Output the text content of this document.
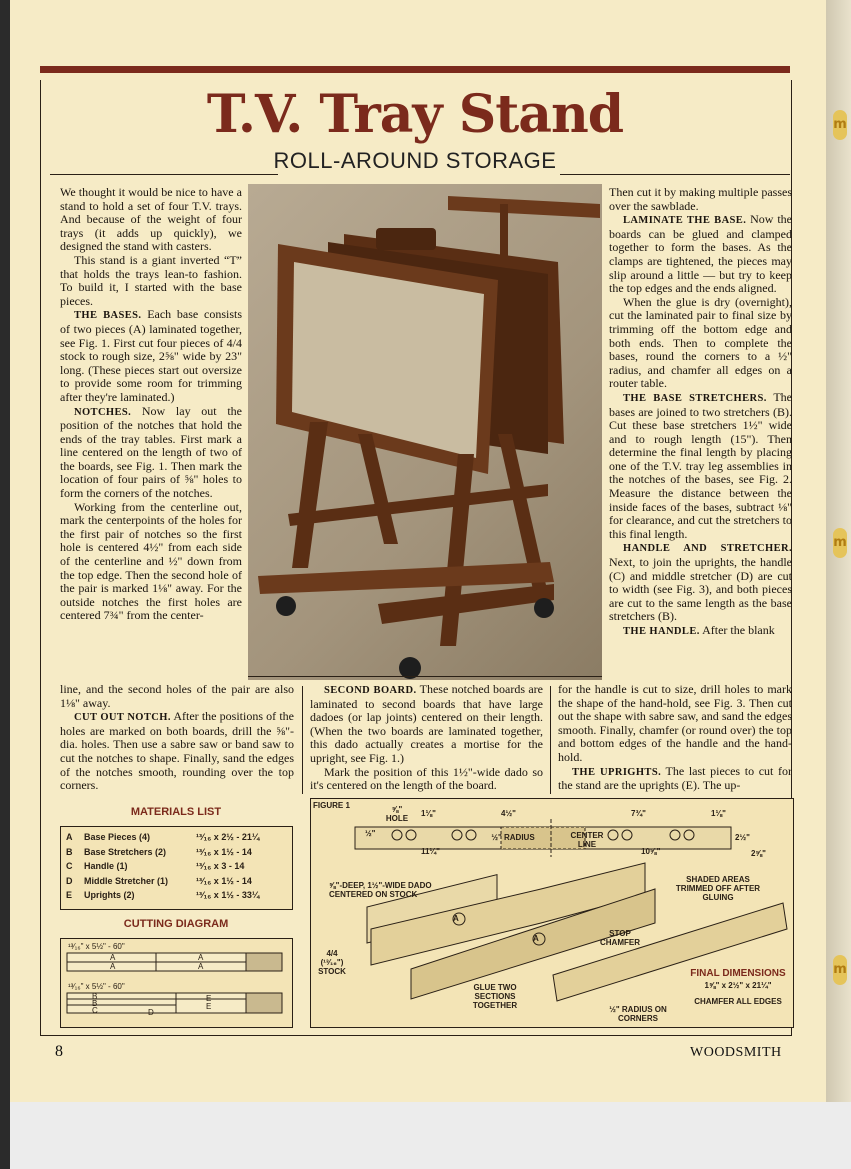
m
m
m
T.V. Tray Stand
ROLL-AROUND STORAGE

We thought it would be nice to have a stand to hold a set of four T.V. trays. And because of the weight of four trays (it adds up quickly), we designed the stand with casters.

This stand is a giant inverted “T” that holds the trays lean-to fashion. To build it, I started with the base pieces.

THE BASES. Each base consists of two pieces (A) laminated together, see Fig. 1. First cut four pieces of 4/4 stock to rough size, 2⅝" wide by 23" long. (These pieces start out oversize to provide some room for trimming after they're laminated.)

NOTCHES. Now lay out the position of the notches that hold the ends of the tray tables. First mark a line centered on the length of two of the boards, see Fig. 1. Then mark the location of four pairs of ⅝" holes to form the corners of the notches.

Working from the centerline out, mark the centerpoints of the holes for the first pair of notches so the first hole is centered 4½" from each side of the centerline and ½" down from the top edge. Then the second hole of the pair is marked 1⅛" away. For the outside notches the first holes are centered 7¾" from the center-

Then cut it by making multiple passes over the sawblade.

LAMINATE THE BASE. Now the boards can be glued and clamped together to form the bases. As the clamps are tightened, the pieces may slip around a little — but try to keep the top edges and the ends aligned.

When the glue is dry (overnight), cut the laminated pair to final size by trimming off the bottom edge and both ends. Then to complete the bases, round the corners to a ½" radius, and chamfer all edges on a router table.

THE BASE STRETCHERS. The bases are joined to two stretchers (B). Cut these base stretchers 1½" wide and to rough length (15"). Then determine the final length by placing one of the T.V. tray leg assemblies in the notches of the bases, see Fig. 2. Measure the distance between the inside faces of the bases, subtract ⅛" for clearance, and cut the stretchers to this final length.

HANDLE AND STRETCHER. Next, to join the uprights, the handle (C) and middle stretcher (D) are cut to width (see Fig. 3), and both pieces are cut to the same length as the base stretchers (B).

THE HANDLE. After the blank

line, and the second holes of the pair are also 1⅛" away.

CUT OUT NOTCH. After the positions of the holes are marked on both boards, drill the ⅝"-dia. holes. Then use a sabre saw or band saw to cut the notches to shape. Finally, sand the edges of the notches smooth, rounding over the top corners.

SECOND BOARD. These notched boards are laminated to second boards that have large dadoes (or lap joints) centered on their length. (When the two boards are laminated together, this dado actually creates a mortise for the upright, see Fig. 1.)

Mark the position of this 1½"-wide dado so it's centered on the length of the board.

for the handle is cut to size, drill holes to mark the shape of the hand-hold, see Fig. 3. Then cut out the shape with sabre saw, and sand the edges smooth. Finally, chamfer (or round over) the top and bottom edges of the handle and the hand-hold.

THE UPRIGHTS. The last pieces to cut for the stand are the uprights (E). The up-

MATERIALS LIST
A Base Pieces (4)	¹³⁄₁₆ x 2½ - 21¼
B Base Stretchers (2)	¹³⁄₁₆ x 1½ - 14
C Handle (1)	¹³⁄₁₆ x 3 - 14
D Middle Stretcher (1)	¹³⁄₁₆ x 1½ - 14
E Uprights (2)	¹³⁄₁₆ x 1½ - 33¼
CUTTING DIAGRAM
¹³⁄₁₆" x 5½" - 60"
¹³⁄₁₆" x 5½" - 60"
A
A
A
A
B
B
C	D
E
E
FIGURE 1	⅝" HOLE
1⅛"	4½"	7¾"	1⅛"
½"	½" RADIUS	CENTER LINE
11¼"	10⅝"
2½"
2⅝"
⅝"-DEEP, 1½"-WIDE DADO CENTERED ON STOCK
SHADED AREAS TRIMMED OFF AFTER GLUING
STOP CHAMFER
A
A
4/4 (¹³⁄₁₆") STOCK
GLUE TWO SECTIONS TOGETHER
FINAL DIMENSIONS
1⅝" x 2½" x 21¼"
CHAMFER ALL EDGES
½" RADIUS ON CORNERS
8	WOODSMITH
